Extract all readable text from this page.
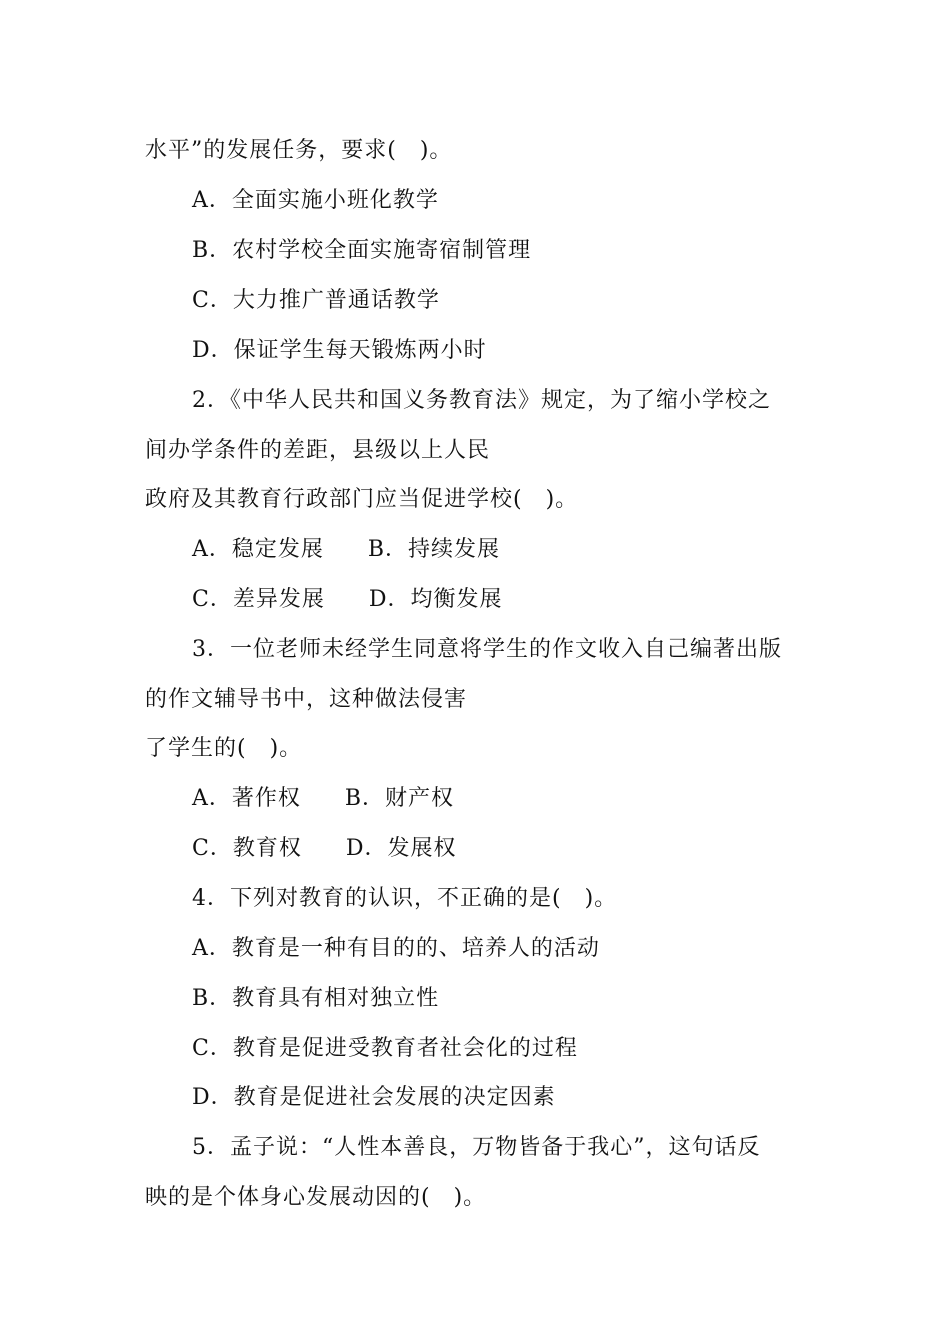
水平”的发展任务，要求(　)。
A．全面实施小班化教学
B．农村学校全面实施寄宿制管理
C．大力推广普通话教学
D．保证学生每天锻炼两小时
2．《中华人民共和国义务教育法》规定，为了缩小学校之
间办学条件的差距，县级以上人民
政府及其教育行政部门应当促进学校(　)。
A．稳定发展 B．持续发展
C．差异发展 D．均衡发展
3．一位老师未经学生同意将学生的作文收入自己编著出版
的作文辅导书中，这种做法侵害
了学生的(　)。
A．著作权 B．财产权
C．教育权 D．发展权
4．下列对教育的认识，不正确的是(　)。
A．教育是一种有目的的、培养人的活动
B．教育具有相对独立性
C．教育是促进受教育者社会化的过程
D．教育是促进社会发展的决定因素
5．孟子说：“人性本善良，万物皆备于我心”，这句话反
映的是个体身心发展动因的(　)。
